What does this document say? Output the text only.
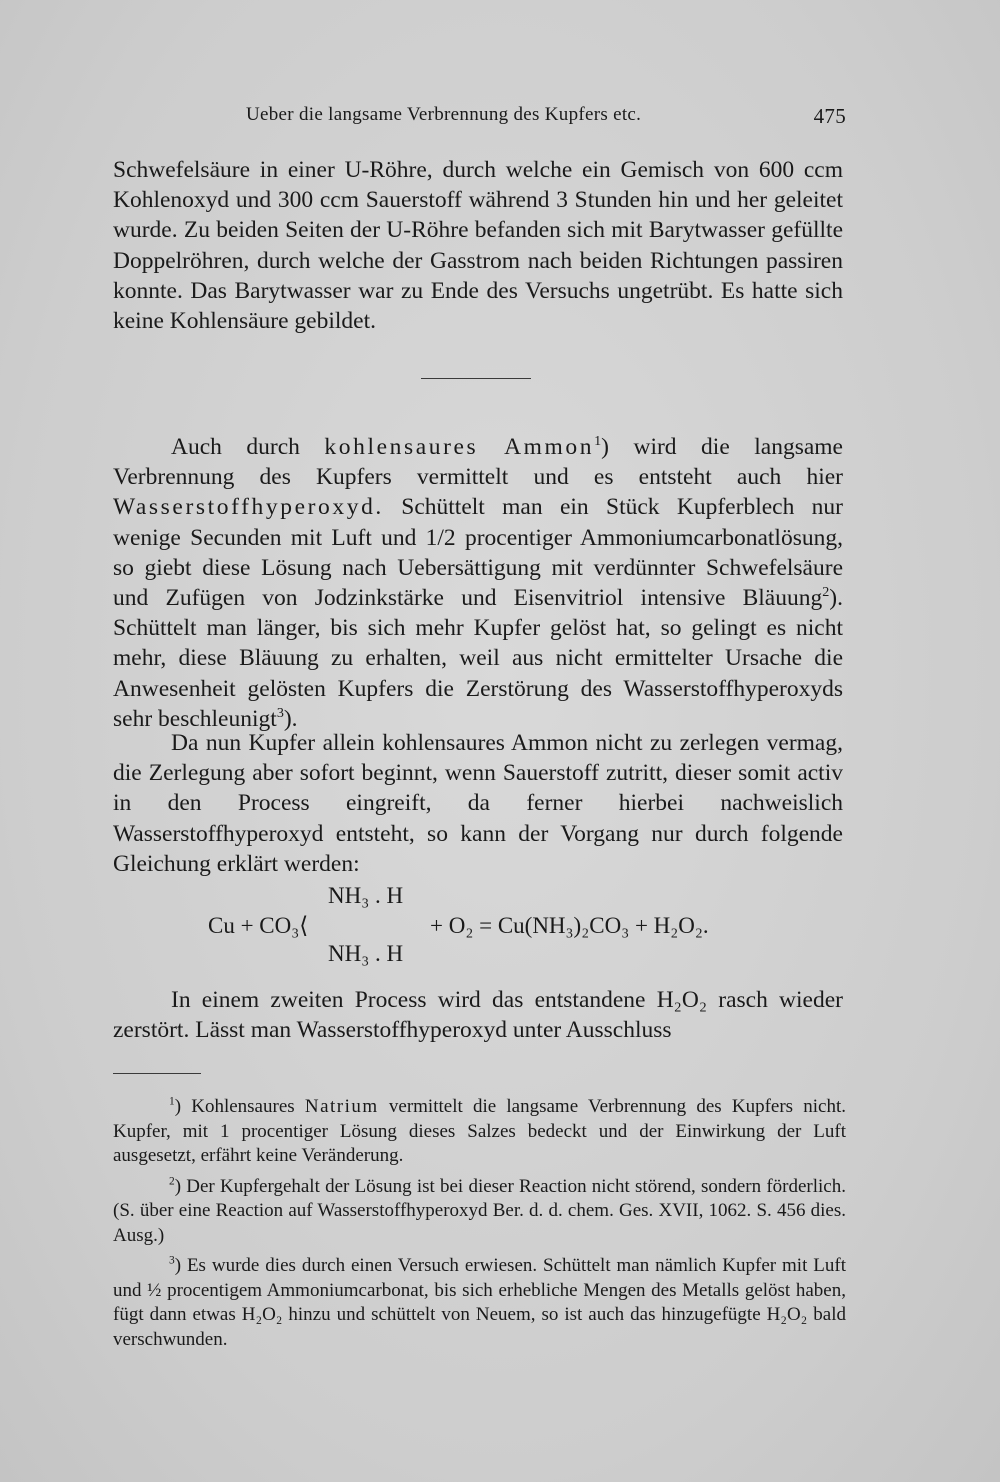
Ueber die langsame Verbrennung des Kupfers etc.	475

Schwefelsäure in einer U-Röhre, durch welche ein Gemisch von 600 ccm Kohlenoxyd und 300 ccm Sauerstoff während 3 Stunden hin und her geleitet wurde. Zu beiden Seiten der U-Röhre befanden sich mit Barytwasser gefüllte Doppelröhren, durch welche der Gasstrom nach beiden Richtungen passiren konnte. Das Barytwasser war zu Ende des Versuchs ungetrübt. Es hatte sich keine Kohlensäure gebildet.

Auch durch kohlensaures Ammon$^1$) wird die langsame Verbrennung des Kupfers vermittelt und es entsteht auch hier Wasserstoffhyperoxyd. Schüttelt man ein Stück Kupferblech nur wenige Secunden mit Luft und 1/2 procentiger Ammoniumcarbonatlösung, so giebt diese Lösung nach Uebersättigung mit verdünnter Schwefelsäure und Zufügen von Jodzinkstärke und Eisenvitriol intensive Bläuung$^2$). Schüttelt man länger, bis sich mehr Kupfer gelöst hat, so gelingt es nicht mehr, diese Bläuung zu erhalten, weil aus nicht ermittelter Ursache die Anwesenheit gelösten Kupfers die Zerstörung des Wasserstoffhyperoxyds sehr beschleunigt$^3$).

Da nun Kupfer allein kohlensaures Ammon nicht zu zerlegen vermag, die Zerlegung aber sofort beginnt, wenn Sauerstoff zutritt, dieser somit activ in den Process eingreift, da ferner hierbei nachweislich Wasserstoffhyperoxyd entsteht, so kann der Vorgang nur durch folgende Gleichung erklärt werden:

Cu + CO₃⟨
NH₃ . H
NH₃ . H
+ O₂ = Cu(NH₃)₂CO₃ + H₂O₂.

In einem zweiten Process wird das entstandene H₂O₂ rasch wieder zerstört. Lässt man Wasserstoffhyperoxyd unter Ausschluss

$^1$) Kohlensaures Natrium vermittelt die langsame Verbrennung des Kupfers nicht. Kupfer, mit 1 procentiger Lösung dieses Salzes bedeckt und der Einwirkung der Luft ausgesetzt, erfährt keine Veränderung.

$^2$) Der Kupfergehalt der Lösung ist bei dieser Reaction nicht störend, sondern förderlich. (S. über eine Reaction auf Wasserstoffhyperoxyd Ber. d. d. chem. Ges. XVII, 1062. S. 456 dies. Ausg.)

$^3$) Es wurde dies durch einen Versuch erwiesen. Schüttelt man nämlich Kupfer mit Luft und ½ procentigem Ammoniumcarbonat, bis sich erhebliche Mengen des Metalls gelöst haben, fügt dann etwas H₂O₂ hinzu und schüttelt von Neuem, so ist auch das hinzugefügte H₂O₂ bald verschwunden.
